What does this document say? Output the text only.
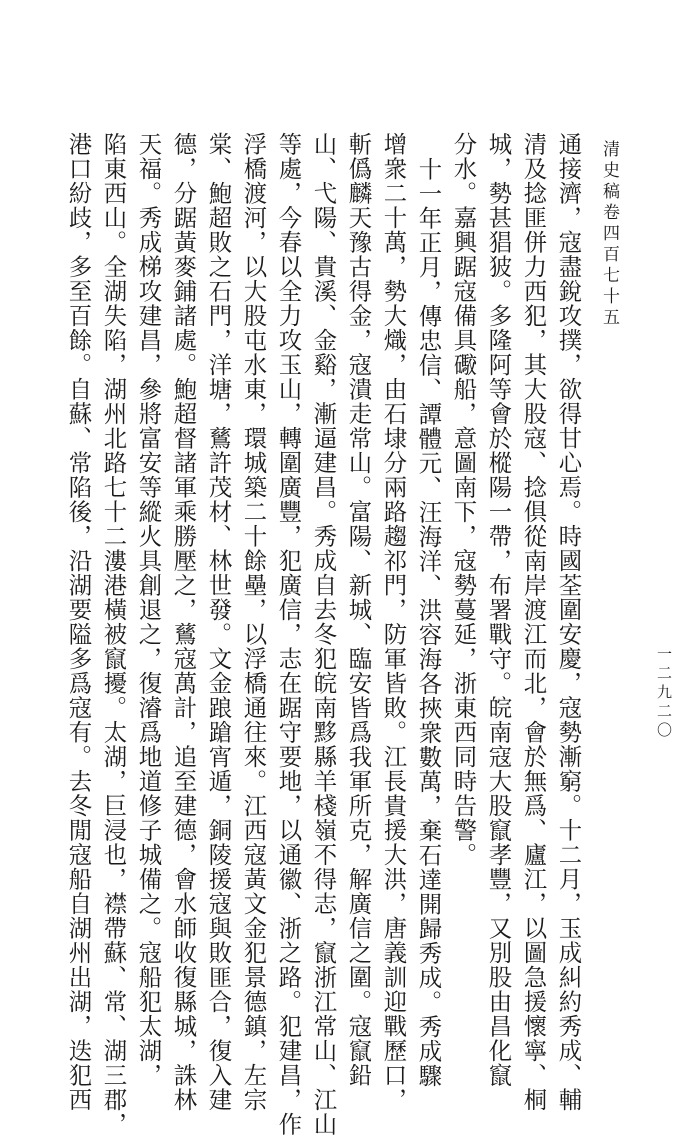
清史稿卷四百七十五
一二九二〇
通接濟，寇盡銳攻撲，欲得甘心焉。時國荃圍安慶，寇勢漸窮。十二月，玉成糾約秀成、輔
清及捻匪併力西犯，其大股寇、捻俱從南岸渡江而北，會於無爲、廬江，以圖急援懷寧、桐
城，勢甚猖狓。多隆阿等會於樅陽一帶，布署戰守。皖南寇大股竄孝豐，又別股由昌化竄
分水。嘉興踞寇備具礮船，意圖南下，寇勢蔓延，浙東西同時告警。
十一年正月，傳忠信、譚體元、汪海洋、洪容海各挾衆數萬，棄石達開歸秀成。秀成驟
增衆二十萬，勢大熾，由石埭分兩路趨祁門，防軍皆敗。江長貴援大洪，唐義訓迎戰歷口，
斬僞麟天豫古得金，寇潰走常山。富陽、新城、臨安皆爲我軍所克，解廣信之圍。寇竄鉛
山、弋陽、貴溪、金谿，漸逼建昌。秀成自去冬犯皖南黟縣羊棧嶺不得志，竄浙江常山、江山
等處，今春以全力攻玉山，轉圍廣豐，犯廣信，志在踞守要地，以通徽、浙之路。犯建昌，作
浮橋渡河，以大股屯水東，環城築二十餘壘，以浮橋通往來。江西寇黃文金犯景德鎮，左宗
棠、鮑超敗之石門，洋塘，鶿許茂材、林世發。文金踉蹌宵遁，銅陵援寇與敗匪合，復入建
德，分踞黃麥鋪諸處。鮑超督諸軍乘勝壓之，鶿寇萬計，追至建德，會水師收復縣城，誅林
天福。秀成梯攻建昌，參將富安等縱火具創退之，復濬爲地道修子城備之。寇船犯太湖，
陷東西山。全湖失陷，湖州北路七十二漊港橫被竄擾。太湖，巨浸也，襟帶蘇、常、湖三郡，
港口紛歧，多至百餘。自蘇、常陷後，沿湖要隘多爲寇有。去冬閒寇船自湖州出湖，迭犯西
